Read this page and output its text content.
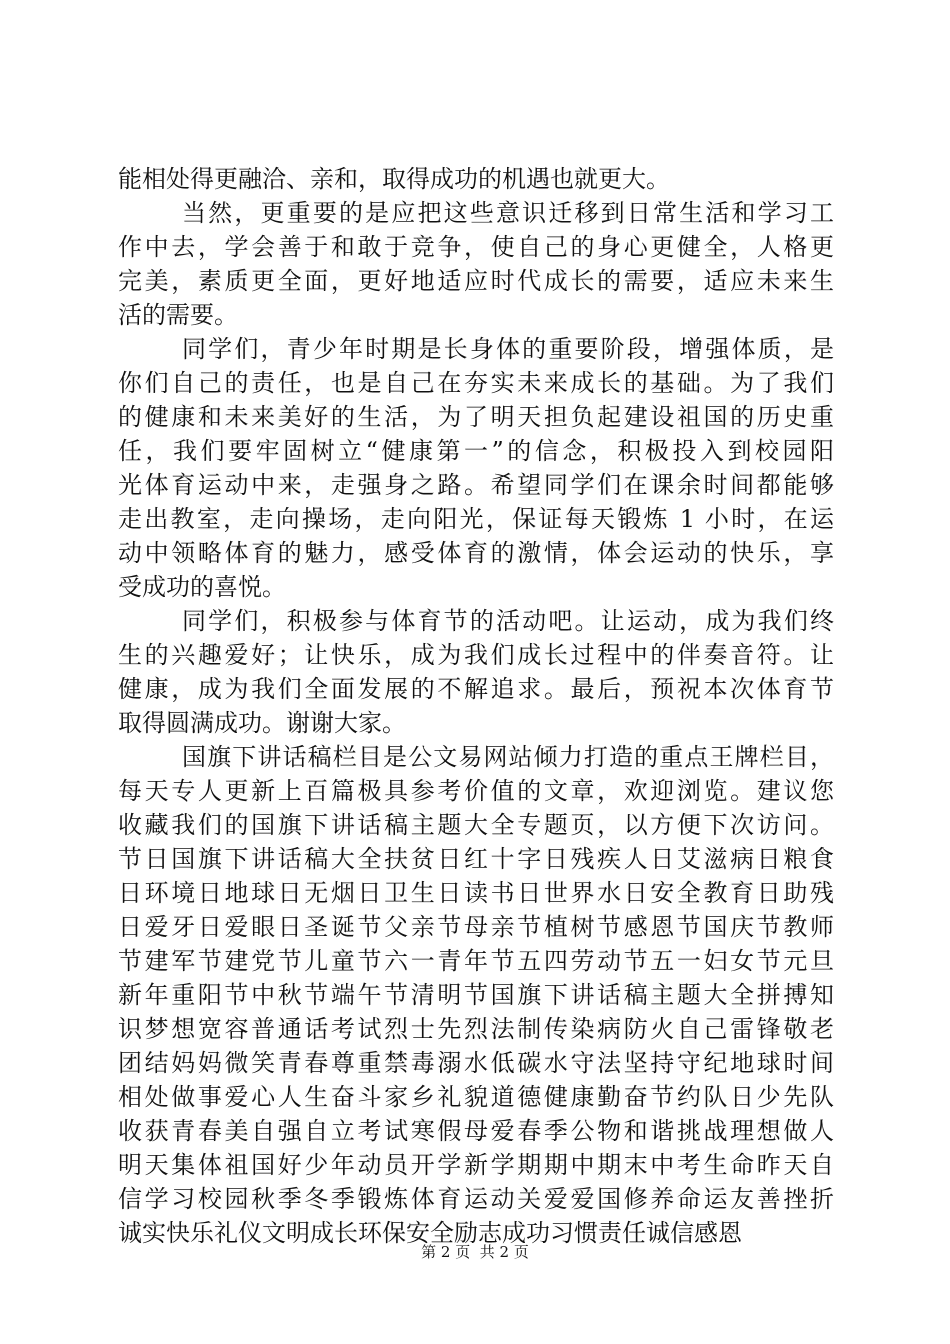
能相处得更融洽、亲和，取得成功的机遇也就更大。
当然，更重要的是应把这些意识迁移到日常生活和学习工
作中去，学会善于和敢于竞争，使自己的身心更健全，人格更
完美，素质更全面，更好地适应时代成长的需要，适应未来生
活的需要。
同学们，青少年时期是长身体的重要阶段，增强体质，是
你们自己的责任，也是自己在夯实未来成长的基础。为了我们
的健康和未来美好的生活，为了明天担负起建设祖国的历史重
任，我们要牢固树立“健康第一”的信念，积极投入到校园阳
光体育运动中来，走强身之路。希望同学们在课余时间都能够
走出教室，走向操场，走向阳光，保证每天锻炼 1 小时，在运
动中领略体育的魅力，感受体育的激情，体会运动的快乐，享
受成功的喜悦。
同学们，积极参与体育节的活动吧。让运动，成为我们终
生的兴趣爱好；让快乐，成为我们成长过程中的伴奏音符。让
健康，成为我们全面发展的不解追求。最后，预祝本次体育节
取得圆满成功。谢谢大家。
国旗下讲话稿栏目是公文易网站倾力打造的重点王牌栏目，
每天专人更新上百篇极具参考价值的文章，欢迎浏览。建议您
收藏我们的国旗下讲话稿主题大全专题页，以方便下次访问。
节日国旗下讲话稿大全扶贫日红十字日残疾人日艾滋病日粮食
日环境日地球日无烟日卫生日读书日世界水日安全教育日助残
日爱牙日爱眼日圣诞节父亲节母亲节植树节感恩节国庆节教师
节建军节建党节儿童节六一青年节五四劳动节五一妇女节元旦
新年重阳节中秋节端午节清明节国旗下讲话稿主题大全拼搏知
识梦想宽容普通话考试烈士先烈法制传染病防火自己雷锋敬老
团结妈妈微笑青春尊重禁毒溺水低碳水守法坚持守纪地球时间
相处做事爱心人生奋斗家乡礼貌道德健康勤奋节约队日少先队
收获青春美自强自立考试寒假母爱春季公物和谐挑战理想做人
明天集体祖国好少年动员开学新学期期中期末中考生命昨天自
信学习校园秋季冬季锻炼体育运动关爱爱国修养命运友善挫折
诚实快乐礼仪文明成长环保安全励志成功习惯责任诚信感恩
第 2 页  共 2 页
